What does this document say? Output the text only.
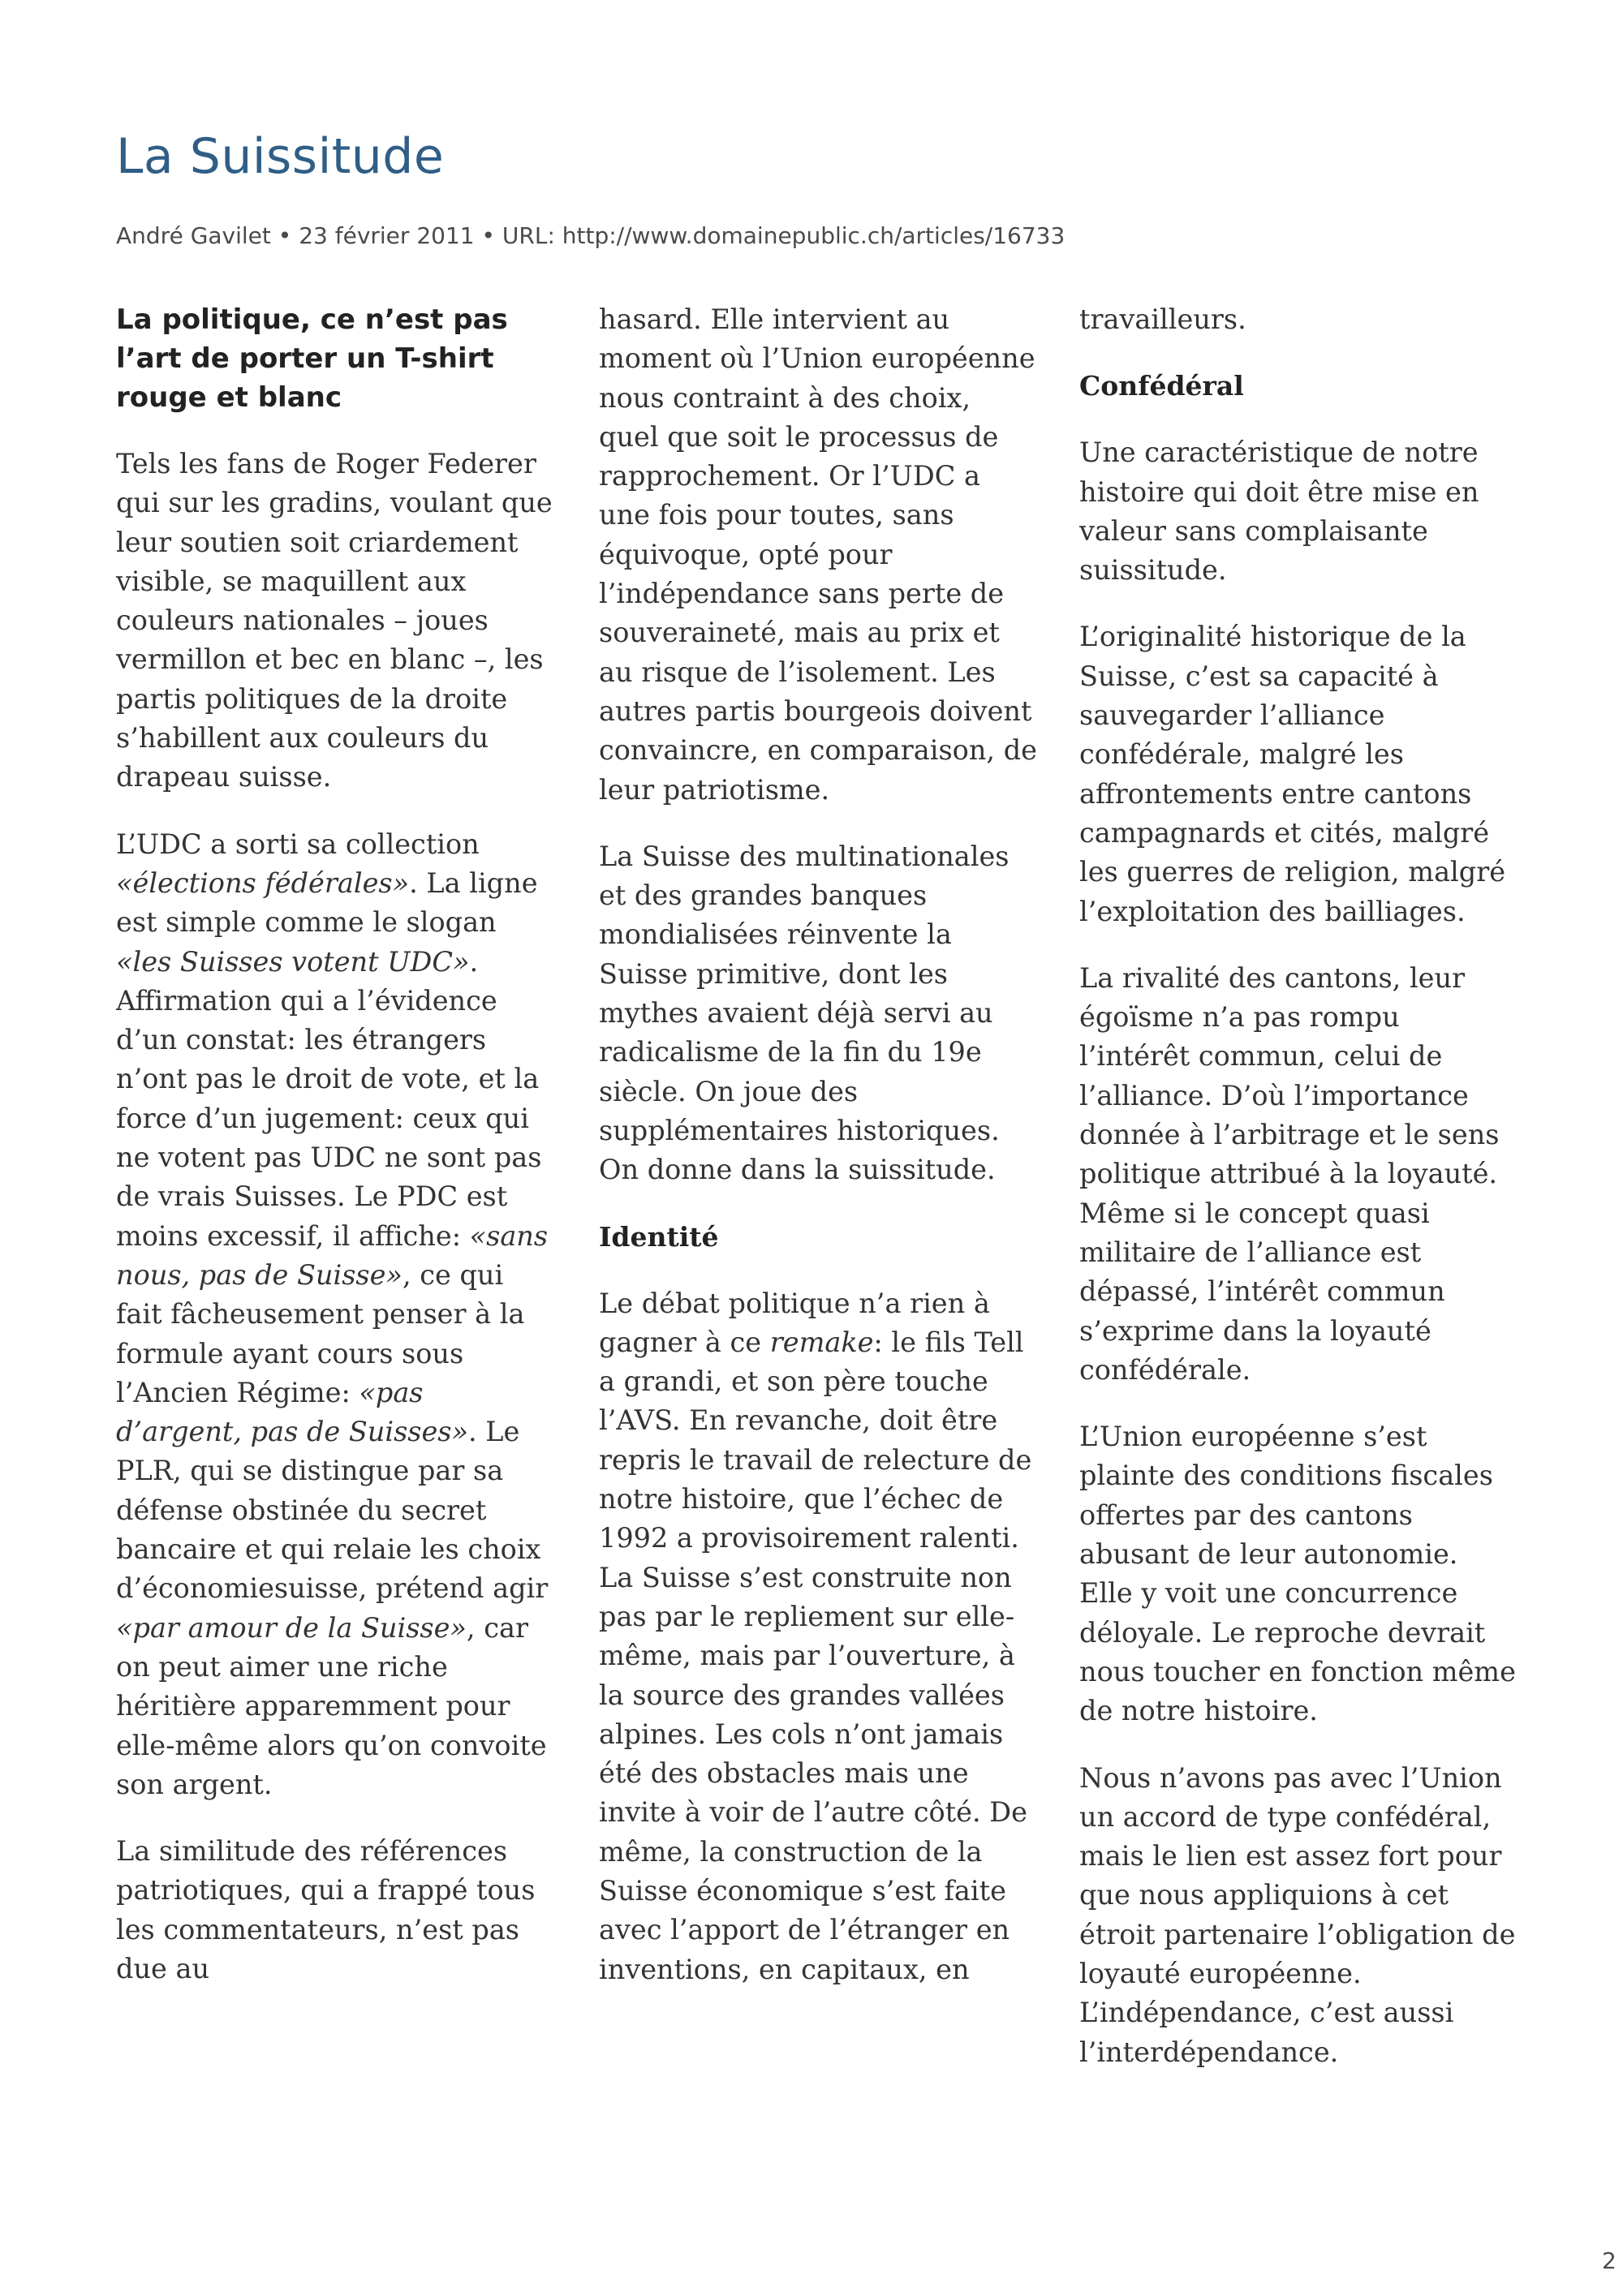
La Suissitude
André Gavilet • 23 février 2011 • URL: http://www.domainepublic.ch/articles/16733
La politique, ce n’est pas l’art de porter un T-shirt rouge et blanc

Tels les fans de Roger Federer qui sur les gradins, voulant que leur soutien soit criardement visible, se maquillent aux couleurs nationales – joues vermillon et bec en blanc –, les partis politiques de la droite s’habillent aux couleurs du drapeau suisse.

L’UDC a sorti sa collection «élections fédérales». La ligne est simple comme le slogan «les Suisses votent UDC». Affirmation qui a l’évidence d’un constat: les étrangers n’ont pas le droit de vote, et la force d’un jugement: ceux qui ne votent pas UDC ne sont pas de vrais Suisses. Le PDC est moins excessif, il affiche: «sans nous, pas de Suisse», ce qui fait fâcheusement penser à la formule ayant cours sous l’Ancien Régime: «pas d’argent, pas de Suisses». Le PLR, qui se distingue par sa défense obstinée du secret bancaire et qui relaie les choix d’économiesuisse, prétend agir «par amour de la Suisse», car on peut aimer une riche héritière apparemment pour elle-même alors qu’on convoite son argent.

La similitude des références patriotiques, qui a frappé tous les commentateurs, n’est pas due au

hasard. Elle intervient au moment où l’Union européenne nous contraint à des choix, quel que soit le processus de rapprochement. Or l’UDC a une fois pour toutes, sans équivoque, opté pour l’indépendance sans perte de souveraineté, mais au prix et au risque de l’isolement. Les autres partis bourgeois doivent convaincre, en comparaison, de leur patriotisme.

La Suisse des multinationales et des grandes banques mondialisées réinvente la Suisse primitive, dont les mythes avaient déjà servi au radicalisme de la fin du 19e siècle. On joue des supplémentaires historiques. On donne dans la suissitude.

Identité

Le débat politique n’a rien à gagner à ce remake: le fils Tell a grandi, et son père touche l’AVS. En revanche, doit être repris le travail de relecture de notre histoire, que l’échec de 1992 a provisoirement ralenti. La Suisse s’est construite non pas par le repliement sur elle-même, mais par l’ouverture, à la source des grandes vallées alpines. Les cols n’ont jamais été des obstacles mais une invite à voir de l’autre côté. De même, la construction de la Suisse économique s’est faite avec l’apport de l’étranger en inventions, en capitaux, en

travailleurs.

Confédéral

Une caractéristique de notre histoire qui doit être mise en valeur sans complaisante suissitude.

L’originalité historique de la Suisse, c’est sa capacité à sauvegarder l’alliance confédérale, malgré les affrontements entre cantons campagnards et cités, malgré les guerres de religion, malgré l’exploitation des bailliages.

La rivalité des cantons, leur égoïsme n’a pas rompu l’intérêt commun, celui de l’alliance. D’où l’importance donnée à l’arbitrage et le sens politique attribué à la loyauté. Même si le concept quasi militaire de l’alliance est dépassé, l’intérêt commun s’exprime dans la loyauté confédérale.

L’Union européenne s’est plainte des conditions fiscales offertes par des cantons abusant de leur autonomie. Elle y voit une concurrence déloyale. Le reproche devrait nous toucher en fonction même de notre histoire.

Nous n’avons pas avec l’Union un accord de type confédéral, mais le lien est assez fort pour que nous appliquions à cet étroit partenaire l’obligation de loyauté européenne. L’indépendance, c’est aussi l’interdépendance.

2
